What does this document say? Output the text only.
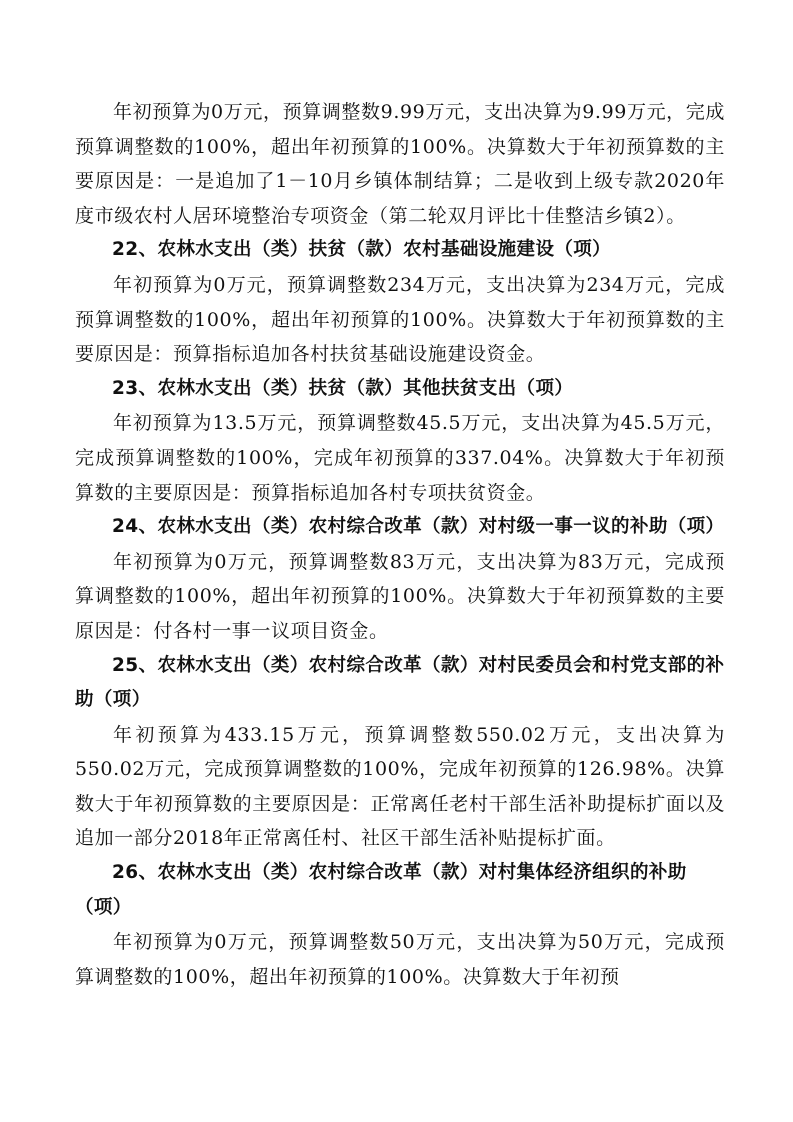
年初预算为0万元，预算调整数9.99万元，支出决算为9.99万元，完成预算调整数的100%，超出年初预算的100%。决算数大于年初预算数的主要原因是：一是追加了1－10月乡镇体制结算；二是收到上级专款2020年度市级农村人居环境整治专项资金（第二轮双月评比十佳整洁乡镇2）。

22、农林水支出（类）扶贫（款）农村基础设施建设（项）

年初预算为0万元，预算调整数234万元，支出决算为234万元，完成预算调整数的100%，超出年初预算的100%。决算数大于年初预算数的主要原因是：预算指标追加各村扶贫基础设施建设资金。

23、农林水支出（类）扶贫（款）其他扶贫支出（项）

年初预算为13.5万元，预算调整数45.5万元，支出决算为45.5万元，完成预算调整数的100%，完成年初预算的337.04%。决算数大于年初预算数的主要原因是：预算指标追加各村专项扶贫资金。

24、农林水支出（类）农村综合改革（款）对村级一事一议的补助（项）

年初预算为0万元，预算调整数83万元，支出决算为83万元，完成预算调整数的100%，超出年初预算的100%。决算数大于年初预算数的主要原因是：付各村一事一议项目资金。

25、农林水支出（类）农村综合改革（款）对村民委员会和村党支部的补助（项）

年初预算为433.15万元，预算调整数550.02万元，支出决算为550.02万元，完成预算调整数的100%，完成年初预算的126.98%。决算数大于年初预算数的主要原因是：正常离任老村干部生活补助提标扩面以及追加一部分2018年正常离任村、社区干部生活补贴提标扩面。

26、农林水支出（类）农村综合改革（款）对村集体经济组织的补助（项）

年初预算为0万元，预算调整数50万元，支出决算为50万元，完成预算调整数的100%，超出年初预算的100%。决算数大于年初预
